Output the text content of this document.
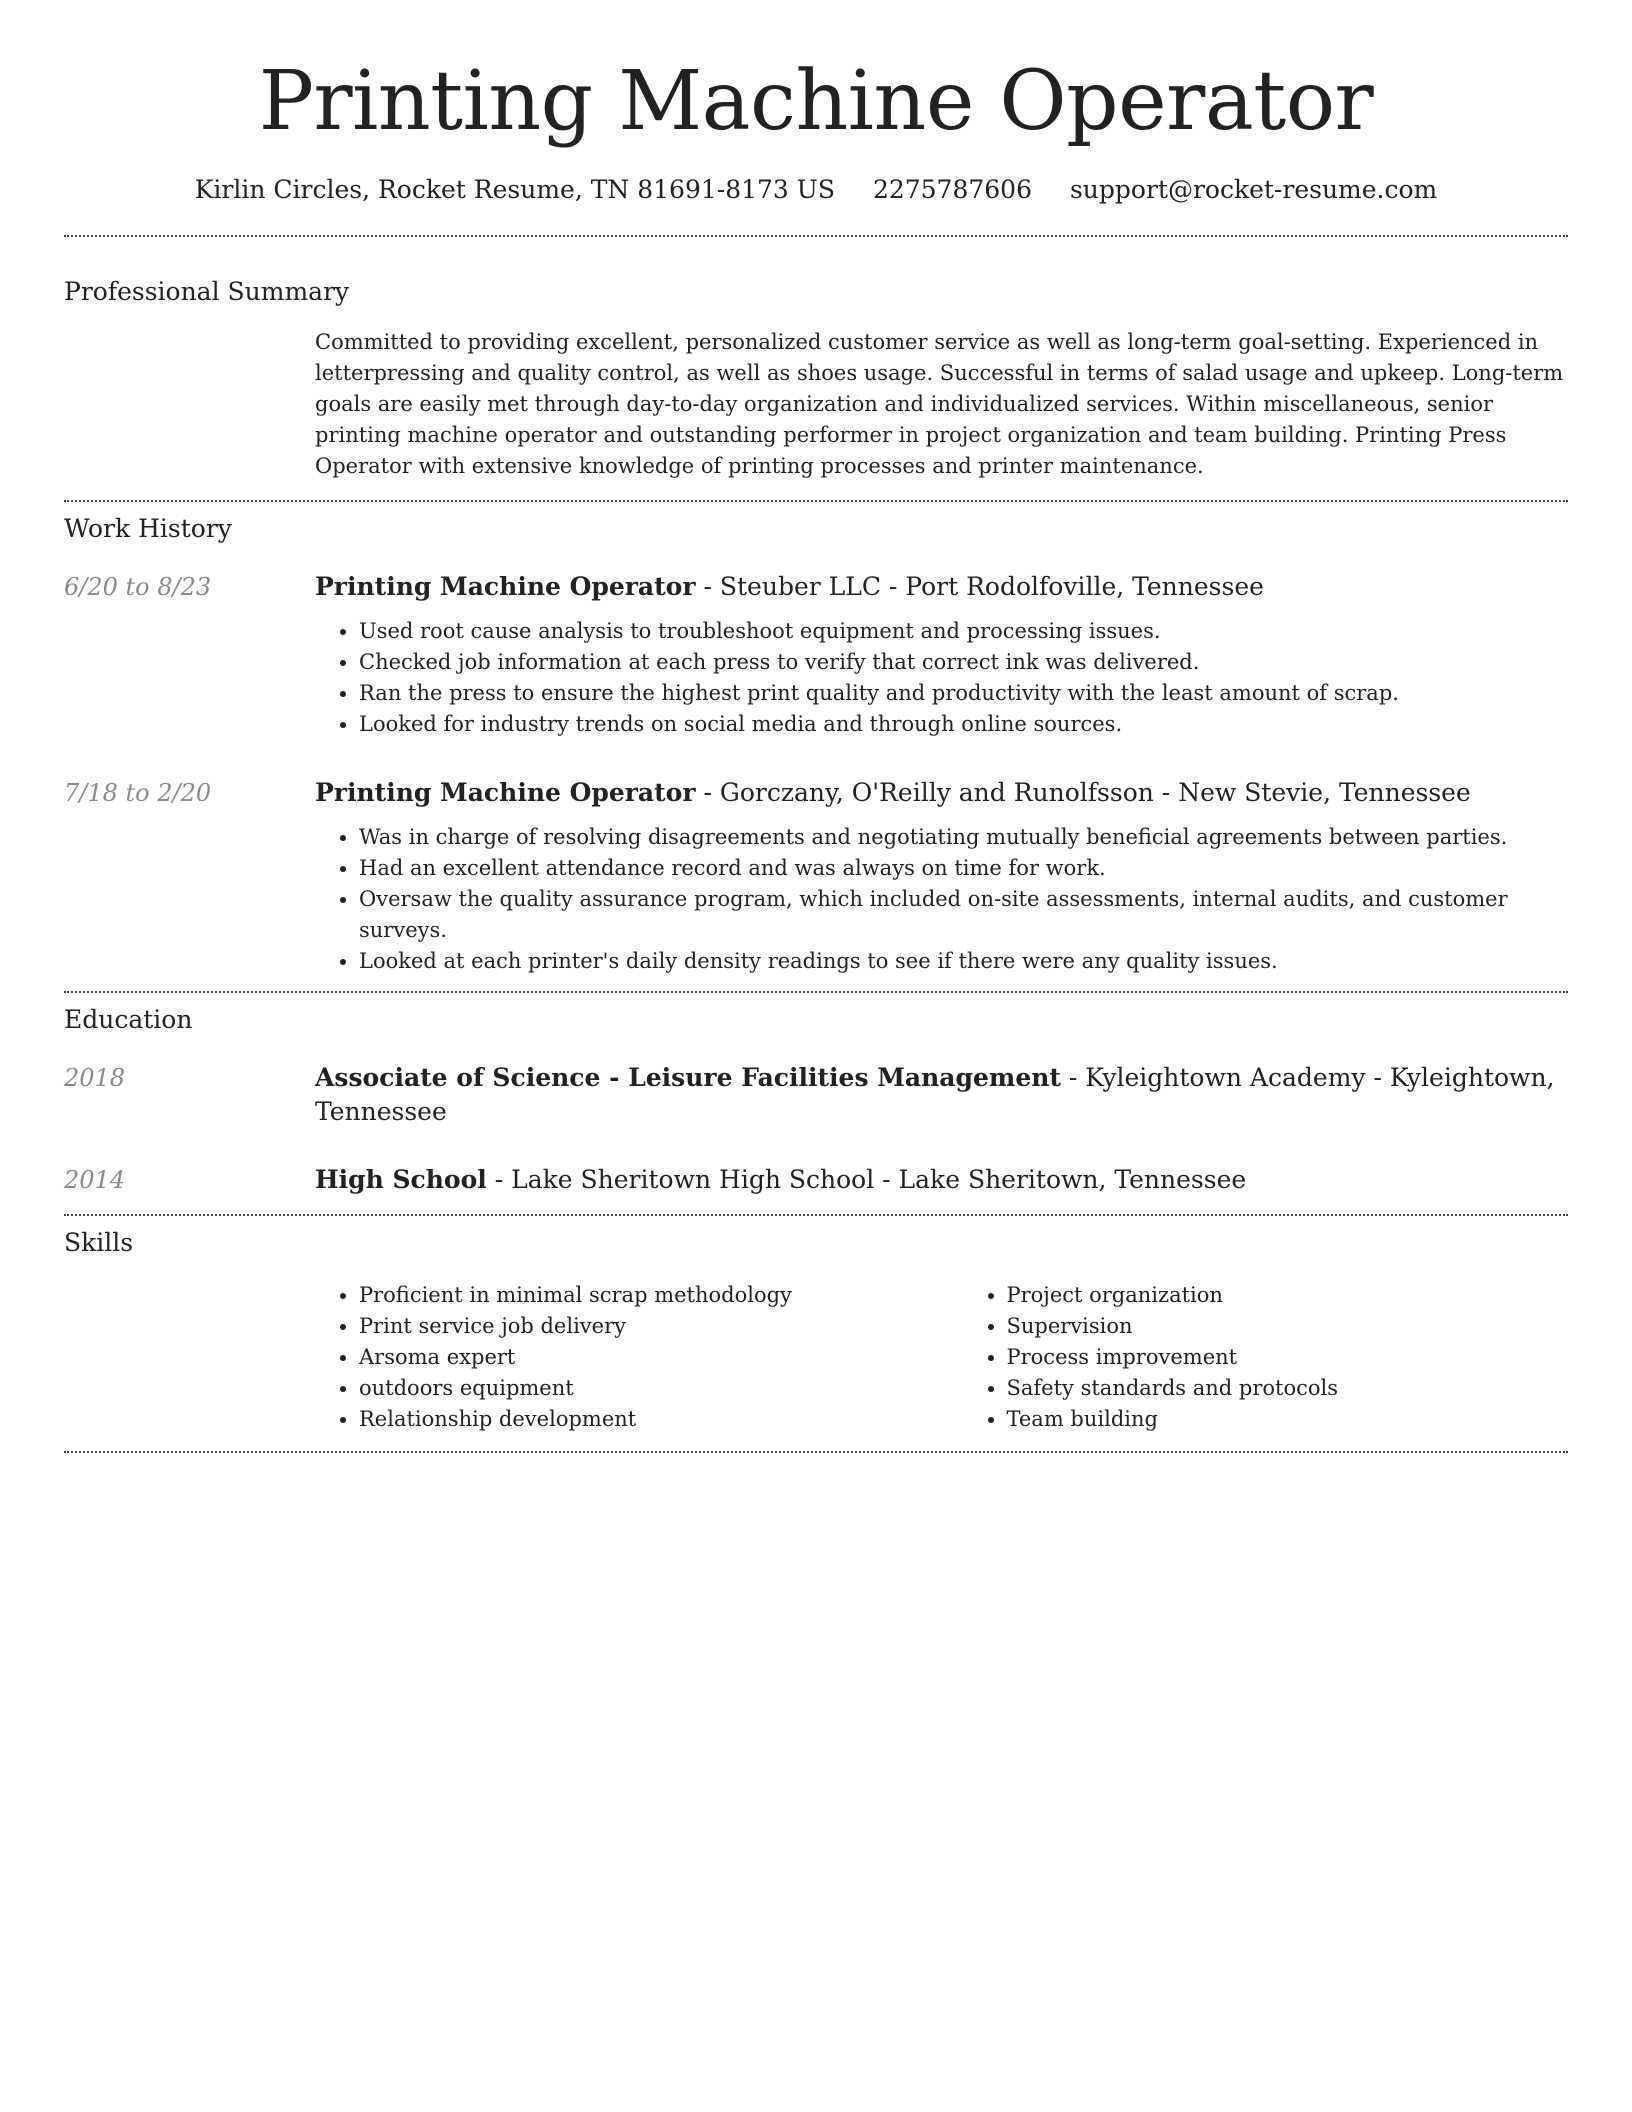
Printing Machine Operator
Kirlin Circles, Rocket Resume, TN 81691-8173 US 2275787606 support@rocket-resume.com
Professional Summary

Committed to providing excellent, personalized customer service as well as long-term goal-setting. Experienced in letterpressing and quality control, as well as shoes usage. Successful in terms of salad usage and upkeep. Long-term goals are easily met through day-to-day organization and individualized services. Within miscellaneous, senior printing machine operator and outstanding performer in project organization and team building. Printing Press Operator with extensive knowledge of printing processes and printer maintenance.

Work History
6/20 to 8/23	Printing Machine Operator - Steuber LLC - Port Rodolfoville, Tennessee
• Used root cause analysis to troubleshoot equipment and processing issues.
• Checked job information at each press to verify that correct ink was delivered.
• Ran the press to ensure the highest print quality and productivity with the least amount of scrap.
• Looked for industry trends on social media and through online sources.
7/18 to 2/20	Printing Machine Operator - Gorczany, O'Reilly and Runolfsson - New Stevie, Tennessee
• Was in charge of resolving disagreements and negotiating mutually beneficial agreements between parties.
• Had an excellent attendance record and was always on time for work.
• Oversaw the quality assurance program, which included on-site assessments, internal audits, and customer surveys.
• Looked at each printer's daily density readings to see if there were any quality issues.
Education
2018	Associate of Science - Leisure Facilities Management - Kyleightown Academy - Kyleightown, Tennessee
2014	High School - Lake Sheritown High School - Lake Sheritown, Tennessee
Skills
• Proficient in minimal scrap methodology
• Print service job delivery
• Arsoma expert
• outdoors equipment
• Relationship development
• Project organization
• Supervision
• Process improvement
• Safety standards and protocols
• Team building
